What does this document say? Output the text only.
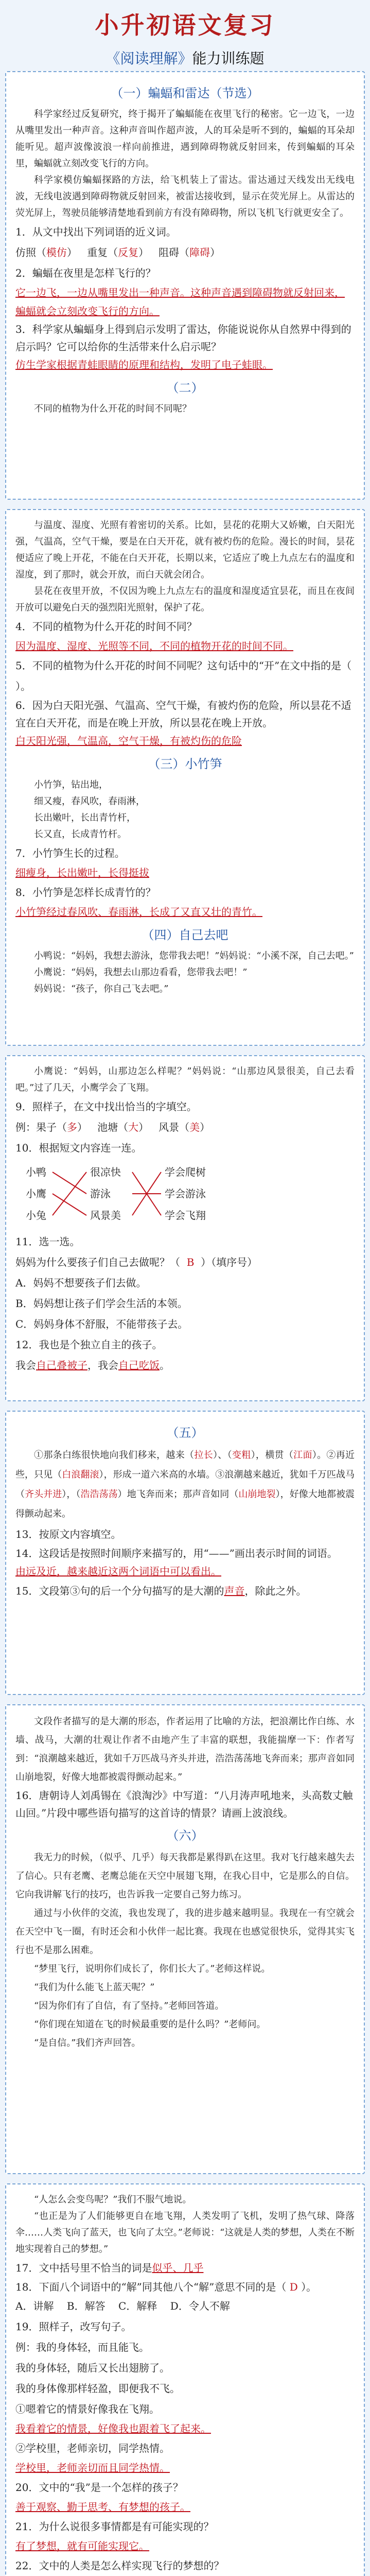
小升初语文复习

《阅读理解》能力训练题

（一）蝙蝠和雷达（节选）

科学家经过反复研究，终于揭开了蝙蝠能在夜里飞行的秘密。它一边飞，一边从嘴里发出一种声音。这种声音叫作超声波，人的耳朵是听不到的，蝙蝠的耳朵却能听见。超声波像波浪一样向前推进，遇到障碍物就反射回来，传到蝙蝠的耳朵里，蝙蝠就立刻改变飞行的方向。

科学家模仿蝙蝠探路的方法，给飞机装上了雷达。雷达通过天线发出无线电波，无线电波遇到障碍物就反射回来，被雷达接收到，显示在荧光屏上。从雷达的荧光屏上，驾驶员能够清楚地看到前方有没有障碍物，所以飞机飞行就更安全了。

1．从文中找出下列词语的近义词。

仿照（模仿）   重复（反复）   阻碍（障碍）

2．蝙蝠在夜里是怎样飞行的？

它一边飞，一边从嘴里发出一种声音。这种声音遇到障碍物就反射回来，蝙蝠就会立刻改变飞行的方向。

3．科学家从蝙蝠身上得到启示发明了雷达，你能说说你从自然界中得到的启示吗？它可以给你的生活带来什么启示呢？

仿生学家根据青蛙眼睛的原理和结构，发明了电子蛙眼。

（二）

不同的植物为什么开花的时间不同呢？

与温度、湿度、光照有着密切的关系。比如，昙花的花期大又娇嫩，白天阳光强，气温高，空气干燥，要是在白天开花，就有被灼伤的危险。漫长的时间，昙花便适应了晚上开花，不能在白天开花，长期以来，它适应了晚上九点左右的温度和湿度，到了那时，就会开放，而白天就会闭合。

昙花在夜里开放，不仅因为晚上九点左右的温度和湿度适宜昙花，而且在夜间开放可以避免白天的强烈阳光照射，保护了花。

4．不同的植物为什么开花的时间不同？

因为温度、湿度、光照等不同，不同的植物开花的时间不同。

5．不同的植物为什么开花的时间不同呢？这句话中的“开”在文中指的是（ ）。

6．因为白天阳光强、气温高、空气干燥，有被灼伤的危险，所以昙花不适宜在白天开花，而是在晚上开放，所以昙花在晚上开放。

白天阳光强，气温高，空气干燥，有被灼伤的危险

（三）小竹笋

小竹笋，钻出地，

细又瘦，春风吹，春雨淋，

长出嫩叶，长出青竹杆，

长又直，长成青竹杆。

7．小竹笋生长的过程。

细瘦身，长出嫩叶，长得挺拔

8．小竹笋是怎样长成青竹的？

小竹笋经过春风吹、春雨淋，长成了又直又壮的青竹。

（四）自己去吧

小鸭说：“妈妈，我想去游泳，您带我去吧！”妈妈说：“小溪不深，自己去吧。”

小鹰说：“妈妈，我想去山那边看看，您带我去吧！”

妈妈说：“孩子，你自己飞去吧。”

小鹰说：“妈妈，山那边怎么样呢？”妈妈说：“山那边风景很美，自己去看吧。”过了几天，小鹰学会了飞翔。

9．照样子，在文中找出恰当的字填空。

例：果子（多）   池塘（大）   风景（美）

10．根据短文内容连一连。

小鸭
小鹰
小兔
很凉快
游泳
风景美
学会爬树
学会游泳
学会飞翔

11．选一选。

妈妈为什么要孩子们自己去做呢？（ B ）（填序号）

A．妈妈不想要孩子们去做。

B．妈妈想让孩子们学会生活的本领。

C．妈妈身体不舒服，不能带孩子去。

12．我也是个独立自主的孩子。

我会自己叠被子，我会自己吃饭。

（五）

①那条白练很快地向我们移来，越来（拉长）、（变粗），横贯（江面）。②再近些，只见（白浪翻滚），形成一道六米高的水墙。③浪潮越来越近，犹如千万匹战马（齐头并进），（浩浩荡荡）地飞奔而来；那声音如同（山崩地裂），好像大地都被震得颤动起来。

13．按原文内容填空。

14．这段话是按照时间顺序来描写的，用“——”画出表示时间的词语。

由远及近，越来越近这两个词语中可以看出。

15．文段第③句的后一个分句描写的是大潮的声音，除此之外。

文段作者描写的是大潮的形态，作者运用了比喻的方法，把浪潮比作白练、水墙、战马，大潮的壮观让作者不由地产生了丰富的联想，我能揣摩一下：作者写到：“浪潮越来越近，犹如千万匹战马齐头并进，浩浩荡荡地飞奔而来；那声音如同山崩地裂，好像大地都被震得颤动起来。”

16．唐朝诗人刘禹锡在《浪淘沙》中写道：“八月涛声吼地来，头高数丈触山回。”片段中哪些语句描写的这首诗的情景？请画上波浪线。

（六）

我无力的时候，（似乎、几乎）每天我都是累得趴在这里。我对飞行越来越失去了信心。只有老鹰、老鹰总能在天空中展翅飞翔，在我心目中，它是那么的自信。它向我讲解飞行的技巧，也告诉我一定要自己努力练习。

通过与小伙伴的交流，我也发现了，我的进步越来越明显。我现在一有空就会在天空中飞一圈，有时还会和小伙伴一起比赛。我现在也感觉很快乐，觉得其实飞行也不是那么困难。

“梦里飞行，说明你们成长了，你们长大了。”老师这样说。

“我们为什么能飞上蓝天呢？”

“因为你们有了自信，有了坚持。”老师回答道。

“你们现在知道在飞的时候最重要的是什么吗？”老师问。

“是自信。”我们齐声回答。

“人怎么会变鸟呢？”我们不服气地说。

“也正是为了人们能够更自在地飞翔，人类发明了飞机，发明了热气球、降落伞……人类飞向了蓝天，也飞向了太空。”老师说：“这就是人类的梦想，人类在不断地实现着自己的梦想。”

17．文中括号里不恰当的词是似乎、几乎

18．下面八个词语中的“解”同其他八个“解”意思不同的是（ D ）。

A．讲解 B．解答 C．解释 D．令人不解

19．照样子，改写句子。

例：我的身体轻，而且能飞。

我的身体轻，随后又长出翅膀了。

我的身体像那样轻盈，即便我不飞。

①嗯着它的情景好像我在飞翔。

我看着它的情景，好像我也跟着飞了起来。

②学校里，老师亲切，同学热情。

学校里，老师亲切而且同学热情。

20．文中的“我”是一个怎样的孩子？

善于观察、勤于思考、有梦想的孩子。

21．为什么说很多事情都是有可能实现的？

有了梦想，就有可能实现它。

22．文中的人类是怎么样实现飞行的梦想的？
